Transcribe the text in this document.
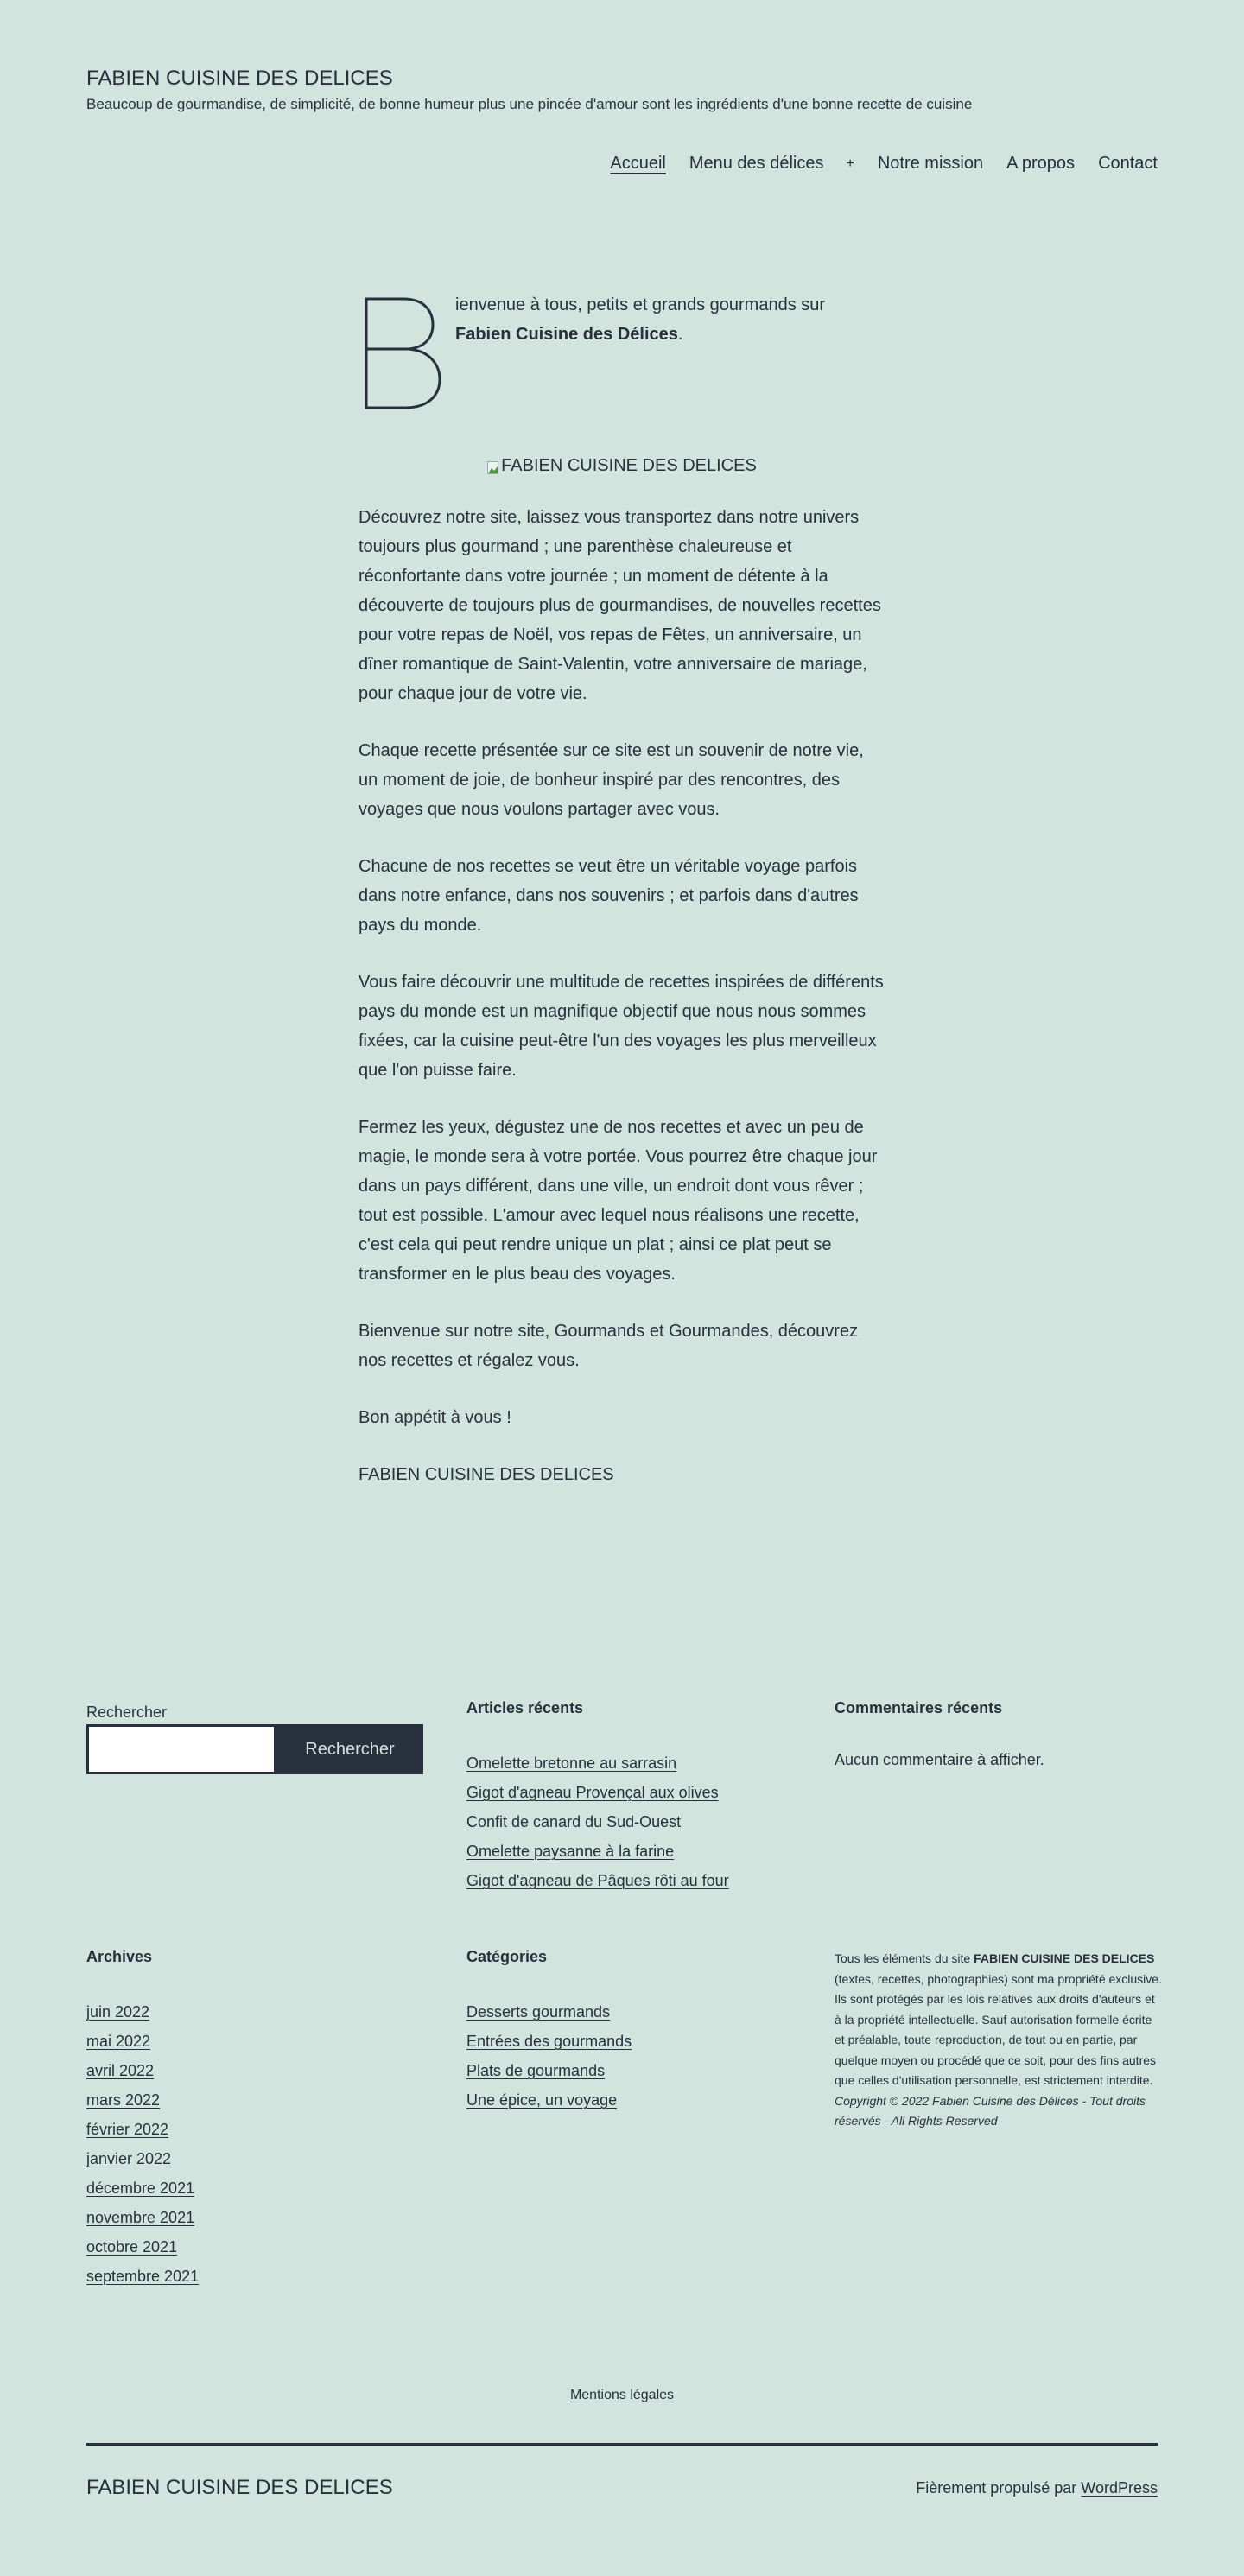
FABIEN CUISINE DES DELICES
Beaucoup de gourmandise, de simplicité, de bonne humeur plus une pincée d'amour sont les ingrédients d'une bonne recette de cuisine
Accueil Menu des délices + Notre mission A propos Contact

ienvenue à tous, petits et grands gourmands sur Fabien Cuisine des Délices.

FABIEN CUISINE DES DELICES

Découvrez notre site, laissez vous transportez dans notre univers toujours plus gourmand ; une parenthèse chaleureuse et réconfortante dans votre journée ; un moment de détente à la découverte de toujours plus de gourmandises, de nouvelles recettes pour votre repas de Noël, vos repas de Fêtes, un anniversaire, un dîner romantique de Saint-Valentin, votre anniversaire de mariage, pour chaque jour de votre vie.

Chaque recette présentée sur ce site est un souvenir de notre vie, un moment de joie, de bonheur inspiré par des rencontres, des voyages que nous voulons partager avec vous.

Chacune de nos recettes se veut être un véritable voyage parfois dans notre enfance, dans nos souvenirs ; et parfois dans d'autres pays du monde.

Vous faire découvrir une multitude de recettes inspirées de différents pays du monde est un magnifique objectif que nous nous sommes fixées, car la cuisine peut-être l'un des voyages les plus merveilleux que l'on puisse faire.

Fermez les yeux, dégustez une de nos recettes et avec un peu de magie, le monde sera à votre portée. Vous pourrez être chaque jour dans un pays différent, dans une ville, un endroit dont vous rêver ; tout est possible. L'amour avec lequel nous réalisons une recette, c'est cela qui peut rendre unique un plat ; ainsi ce plat peut se transformer en le plus beau des voyages.

Bienvenue sur notre site, Gourmands et Gourmandes, découvrez nos recettes et régalez vous.

Bon appétit à vous !

FABIEN CUISINE DES DELICES

Rechercher
Rechercher
Articles récents
Omelette bretonne au sarrasin
Gigot d'agneau Provençal aux olives
Confit de canard du Sud-Ouest
Omelette paysanne à la farine
Gigot d'agneau de Pâques rôti au four
Commentaires récents
Aucun commentaire à afficher.
Archives
juin 2022
mai 2022
avril 2022
mars 2022
février 2022
janvier 2022
décembre 2021
novembre 2021
octobre 2021
septembre 2021
Catégories
Desserts gourmands
Entrées des gourmands
Plats de gourmands
Une épice, un voyage
Tous les éléments du site FABIEN CUISINE DES DELICES (textes, recettes, photographies) sont ma propriété exclusive. Ils sont protégés par les lois relatives aux droits d'auteurs et à la propriété intellectuelle. Sauf autorisation formelle écrite et préalable, toute reproduction, de tout ou en partie, par quelque moyen ou procédé que ce soit, pour des fins autres que celles d'utilisation personnelle, est strictement interdite. Copyright © 2022 Fabien Cuisine des Délices - Tout droits réservés - All Rights Reserved
Mentions légales
FABIEN CUISINE DES DELICES	Fièrement propulsé par WordPress
